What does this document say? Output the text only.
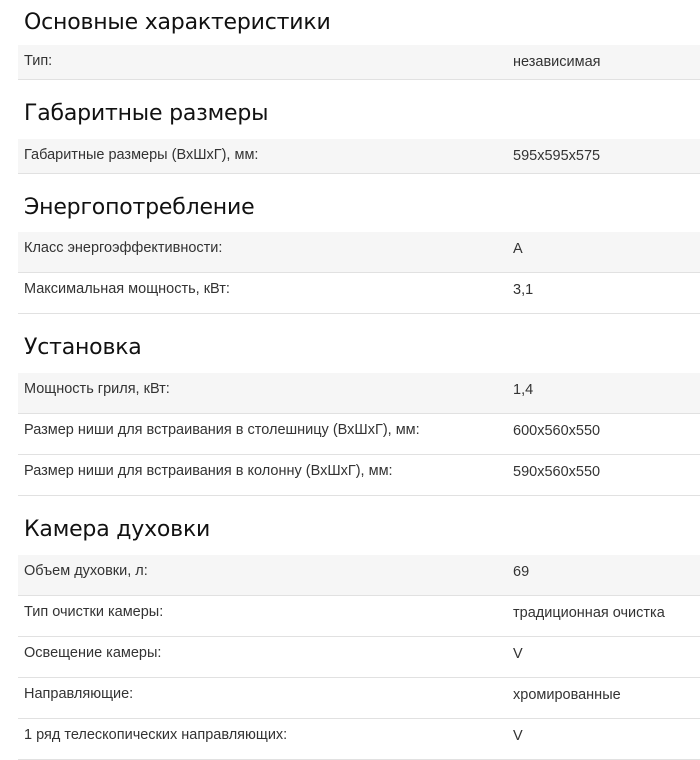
Основные характеристики
Тип:	независимая
Габаритные размеры
Габаритные размеры (ВхШхГ), мм:	595x595x575
Энергопотребление
Класс энергоэффективности:	A
Максимальная мощность, кВт:	3,1
Установка
Мощность гриля, кВт:	1,4
Размер ниши для встраивания в столешницу (ВхШхГ), мм:	600x560x550
Размер ниши для встраивания в колонну (ВхШхГ), мм:	590x560x550
Камера духовки
Объем духовки, л:	69
Тип очистки камеры:	традиционная очистка
Освещение камеры:	V
Направляющие:	хромированные
1 ряд телескопических направляющих:	V
